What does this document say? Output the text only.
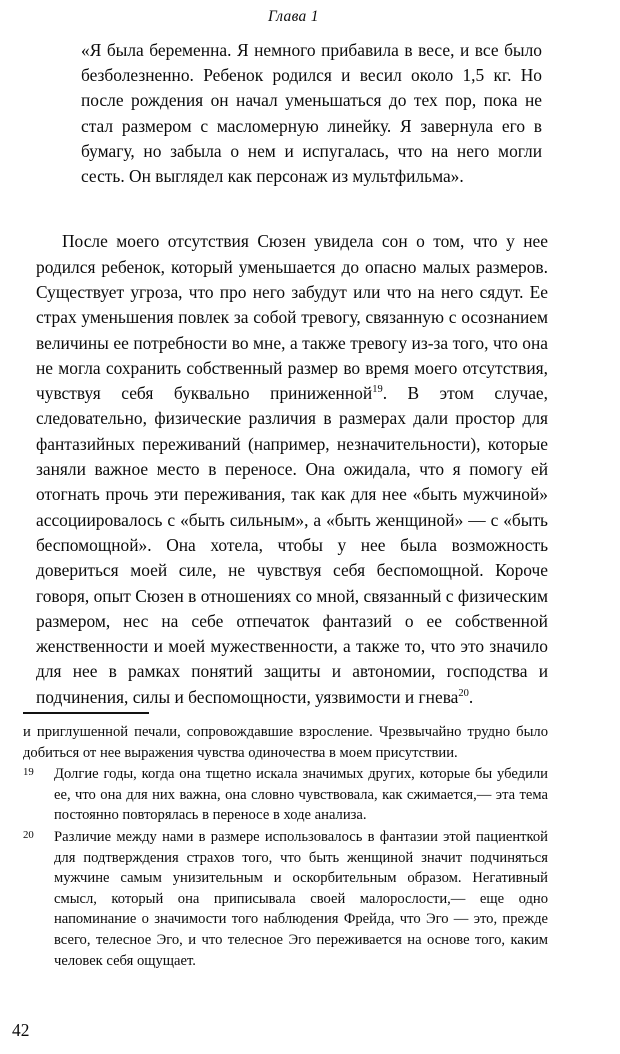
Глава 1
«Я была беременна. Я немного прибавила в весе, и все было безболезненно. Ребенок родился и весил около 1,5 кг. Но после рождения он начал уменьшаться до тех пор, пока не стал размером с масломерную линейку. Я завернула его в бумагу, но забыла о нем и испугалась, что на него могли сесть. Он выглядел как персонаж из мультфильма».

После моего отсутствия Сюзен увидела сон о том, что у нее родился ребенок, который уменьшается до опасно малых размеров. Существует угроза, что про него забудут или что на него сядут. Ее страх уменьшения повлек за собой тревогу, связанную с осознанием величины ее потребности во мне, а также тревогу из-за того, что она не могла сохранить собственный размер во время моего отсутствия, чувствуя себя буквально приниженной$^{19}$. В этом случае, следовательно, физические различия в размерах дали простор для фантазийных переживаний (например, незначительности), которые заняли важное место в переносе. Она ожидала, что я помогу ей отогнать прочь эти переживания, так как для нее «быть мужчиной» ассоциировалось с «быть сильным», а «быть женщиной» — с «быть беспомощной». Она хотела, чтобы у нее была возможность довериться моей силе, не чувствуя себя беспомощной. Короче говоря, опыт Сюзен в отношениях со мной, связанный с физическим размером, нес на себе отпечаток фантазий о ее собственной женственности и моей мужественности, а также то, что это значило для нее в рамках понятий защиты и автономии, господства и подчинения, силы и беспомощности, уязвимости и гнева$^{20}$.

и приглушенной печали, сопровождавшие взросление. Чрезвычайно трудно было добиться от нее выражения чувства одиночества в моем присутствии.
19	Долгие годы, когда она тщетно искала значимых других, которые бы убедили ее, что она для них важна, она словно чувствовала, как сжимается,— эта тема постоянно повторялась в переносе в ходе анализа.
20	Различие между нами в размере использовалось в фантазии этой пациенткой для подтверждения страхов того, что быть женщиной значит подчиняться мужчине самым унизительным и оскорбительным образом. Негативный смысл, который она приписывала своей малорослости,— еще одно напоминание о значимости того наблюдения Фрейда, что Эго — это, прежде всего, телесное Эго, и что телесное Эго переживается на основе того, каким человек себя ощущает.
42
